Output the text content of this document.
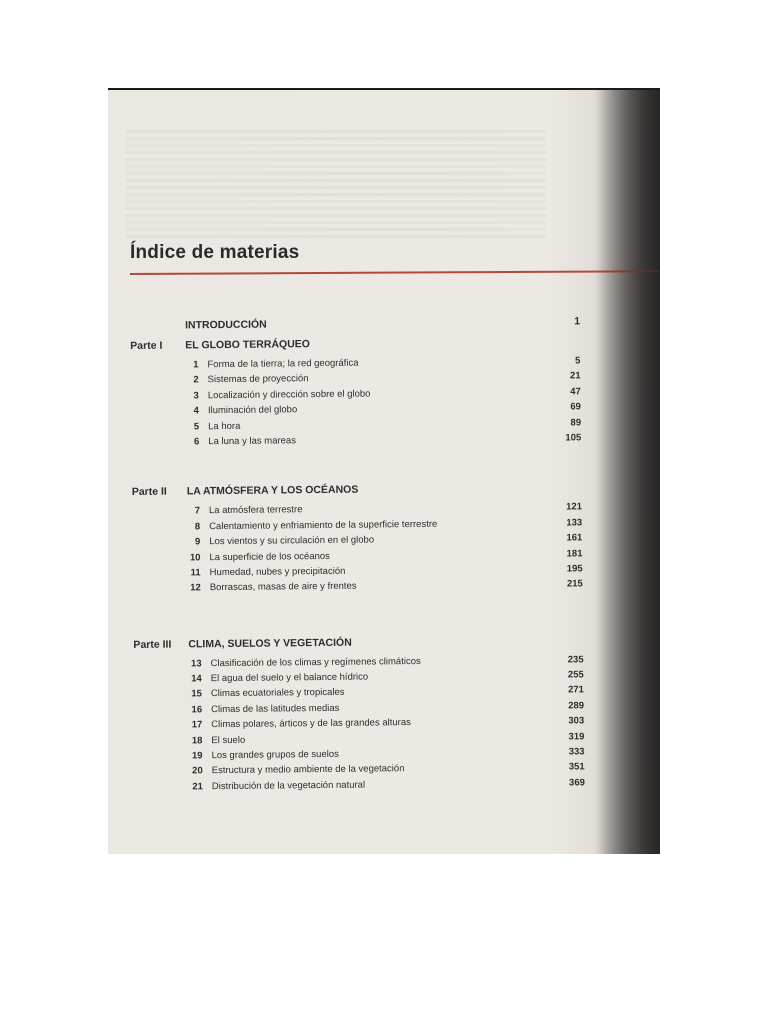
Índice de materias
INTRODUCCIÓN	1
Parte I EL GLOBO TERRÁQUEO
1 Forma de la tierra; la red geográfica	5
2 Sistemas de proyección	21
3 Localización y dirección sobre el globo	47
4 Iluminación del globo	69
5 La hora	89
6 La luna y las mareas	105
Parte II LA ATMÓSFERA Y LOS OCÉANOS
7 La atmósfera terrestre	121
8 Calentamiento y enfriamiento de la superficie terrestre	133
9 Los vientos y su circulación en el globo	161
10 La superficie de los océanos	181
11 Humedad, nubes y precipitación	195
12 Borrascas, masas de aire y frentes	215
Parte III CLIMA, SUELOS Y VEGETACIÓN
13 Clasificación de los climas y regímenes climáticos	235
14 El agua del suelo y el balance hídrico	255
15 Climas ecuatoriales y tropicales	271
16 Climas de las latitudes medias	289
17 Climas polares, árticos y de las grandes alturas	303
18 El suelo	319
19 Los grandes grupos de suelos	333
20 Estructura y medio ambiente de la vegetación	351
21 Distribución de la vegetación natural	369
